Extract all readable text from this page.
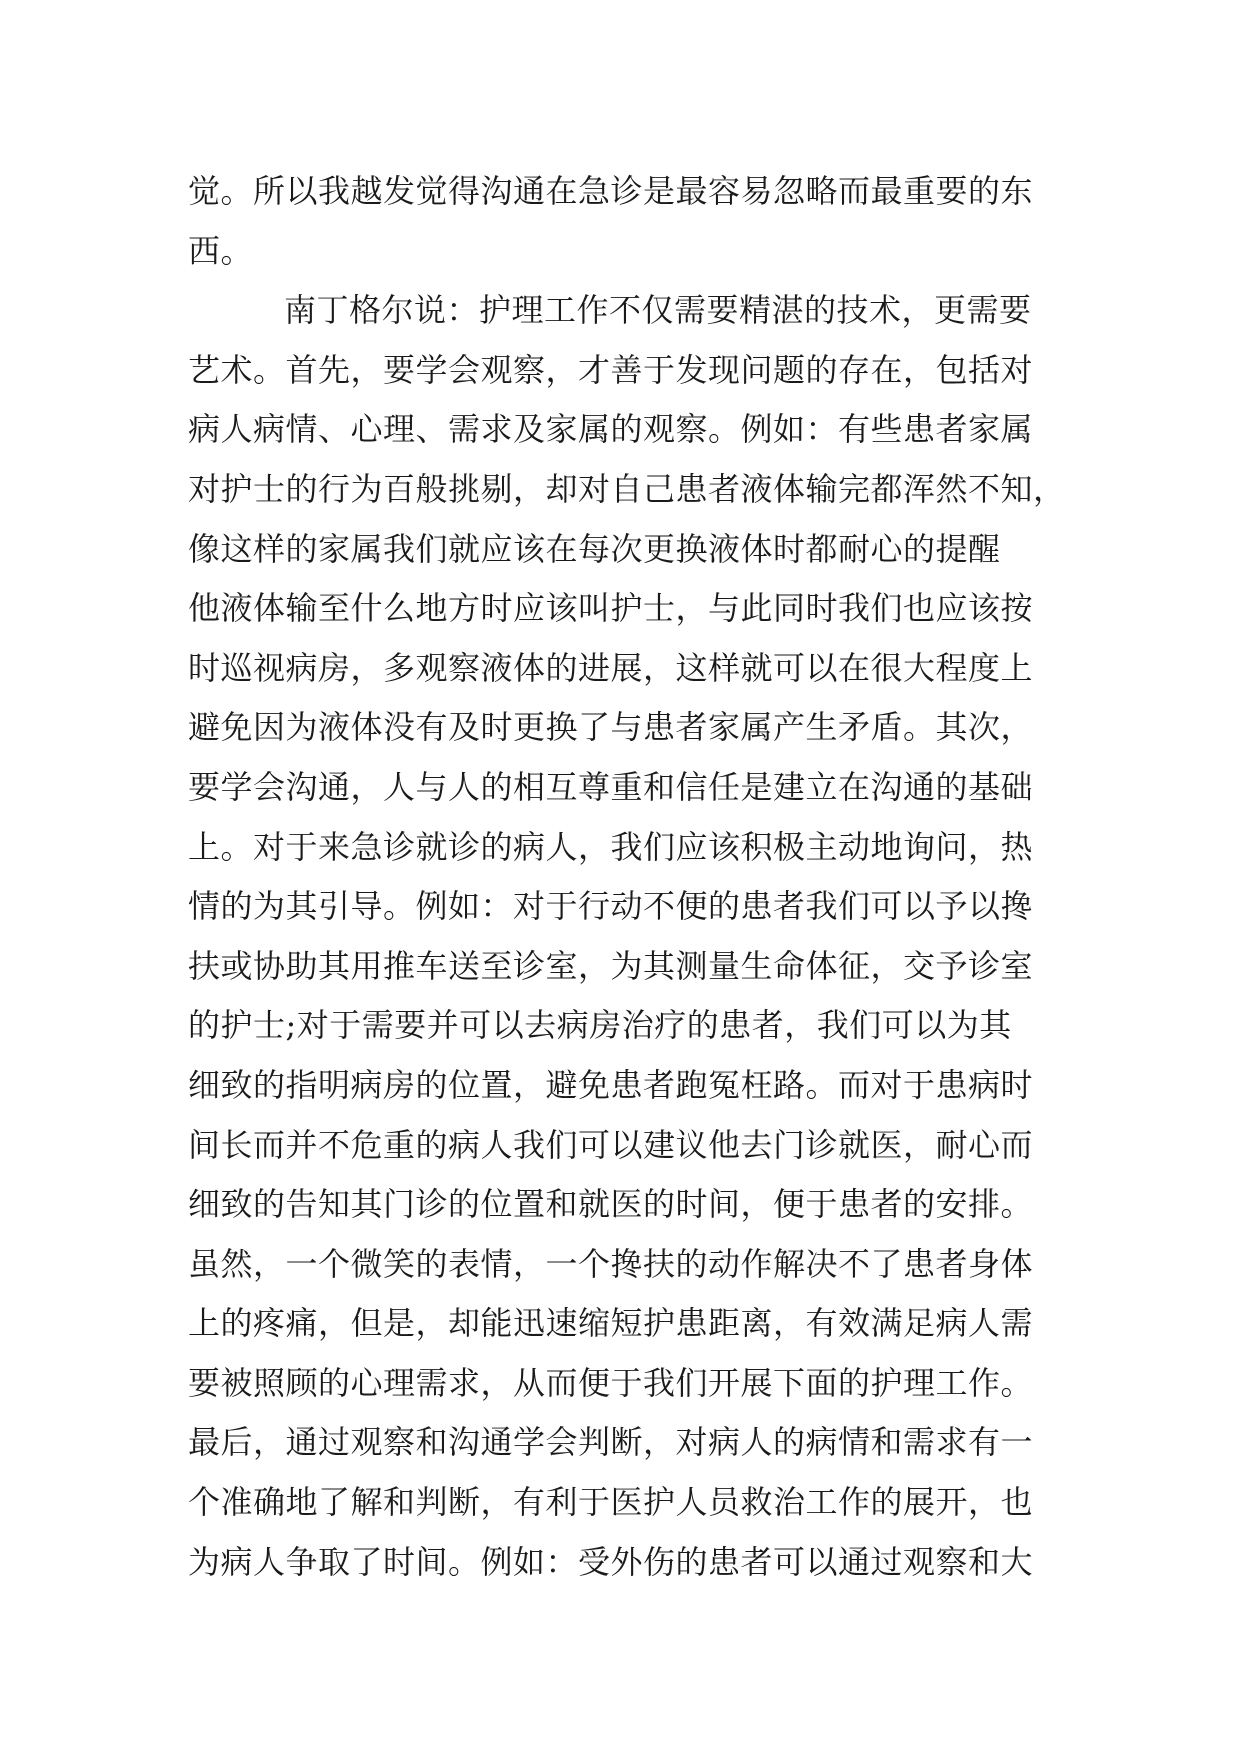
觉。所以我越发觉得沟通在急诊是最容易忽略而最重要的东
西。
南丁格尔说：护理工作不仅需要精湛的技术，更需要
艺术。首先，要学会观察，才善于发现问题的存在，包括对
病人病情、心理、需求及家属的观察。例如：有些患者家属
对护士的行为百般挑剔，却对自己患者液体输完都浑然不知，
像这样的家属我们就应该在每次更换液体时都耐心的提醒
他液体输至什么地方时应该叫护士，与此同时我们也应该按
时巡视病房，多观察液体的进展，这样就可以在很大程度上
避免因为液体没有及时更换了与患者家属产生矛盾。其次，
要学会沟通，人与人的相互尊重和信任是建立在沟通的基础
上。对于来急诊就诊的病人，我们应该积极主动地询问，热
情的为其引导。例如：对于行动不便的患者我们可以予以搀
扶或协助其用推车送至诊室，为其测量生命体征，交予诊室
的护士;对于需要并可以去病房治疗的患者，我们可以为其
细致的指明病房的位置，避免患者跑冤枉路。而对于患病时
间长而并不危重的病人我们可以建议他去门诊就医，耐心而
细致的告知其门诊的位置和就医的时间，便于患者的安排。
虽然，一个微笑的表情，一个搀扶的动作解决不了患者身体
上的疼痛，但是，却能迅速缩短护患距离，有效满足病人需
要被照顾的心理需求，从而便于我们开展下面的护理工作。
最后，通过观察和沟通学会判断，对病人的病情和需求有一
个准确地了解和判断，有利于医护人员救治工作的展开，也
为病人争取了时间。例如：受外伤的患者可以通过观察和大
